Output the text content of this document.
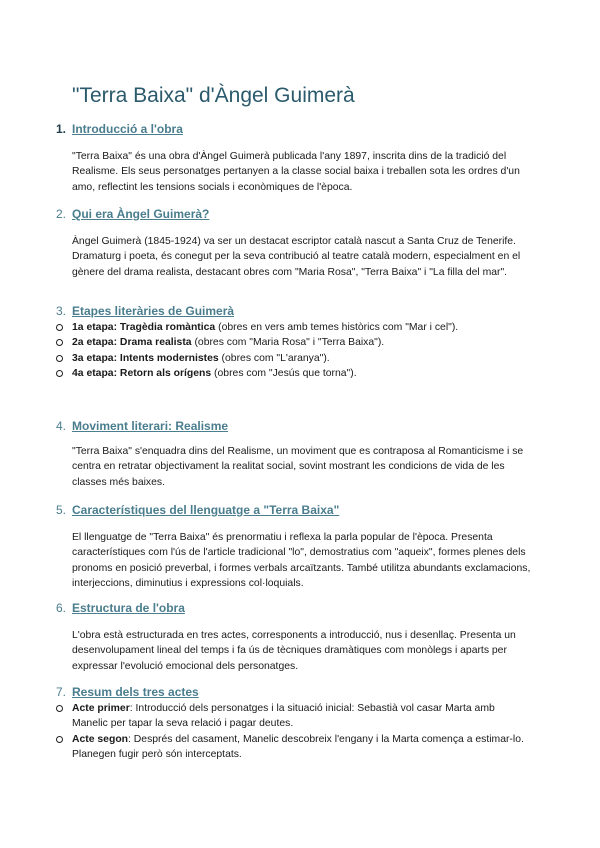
"Terra Baixa" d'Àngel Guimerà
1. Introducció a l'obra

"Terra Baixa" és una obra d'Àngel Guimerà publicada l'any 1897, inscrita dins de la tradició del Realisme. Els seus personatges pertanyen a la classe social baixa i treballen sota les ordres d'un amo, reflectint les tensions socials i econòmiques de l'època.

2. Qui era Àngel Guimerà?

Àngel Guimerà (1845-1924) va ser un destacat escriptor català nascut a Santa Cruz de Tenerife. Dramaturg i poeta, és conegut per la seva contribució al teatre català modern, especialment en el gènere del drama realista, destacant obres com "Maria Rosa", "Terra Baixa" i "La filla del mar".

3. Etapes literàries de Guimerà
1a etapa: Tragèdia romàntica (obres en vers amb temes històrics com "Mar i cel").
2a etapa: Drama realista (obres com "Maria Rosa" i "Terra Baixa").
3a etapa: Intents modernistes (obres com "L'aranya").
4a etapa: Retorn als orígens (obres com "Jesús que torna").
4. Moviment literari: Realisme

"Terra Baixa" s'enquadra dins del Realisme, un moviment que es contraposa al Romanticisme i se centra en retratar objectivament la realitat social, sovint mostrant les condicions de vida de les classes més baixes.

5. Característiques del llenguatge a "Terra Baixa"

El llenguatge de "Terra Baixa" és prenormatiu i reflexa la parla popular de l'època. Presenta característiques com l'ús de l'article tradicional "lo", demostratius com "aqueix", formes plenes dels pronoms en posició preverbal, i formes verbals arcaïtzants. També utilitza abundants exclamacions, interjeccions, diminutius i expressions col·loquials.

6. Estructura de l'obra

L'obra està estructurada en tres actes, corresponents a introducció, nus i desenllaç. Presenta un desenvolupament lineal del temps i fa ús de tècniques dramàtiques com monòlegs i aparts per expressar l'evolució emocional dels personatges.

7. Resum dels tres actes
Acte primer: Introducció dels personatges i la situació inicial: Sebastià vol casar Marta amb Manelic per tapar la seva relació i pagar deutes.
Acte segon: Després del casament, Manelic descobreix l'engany i la Marta comença a estimar-lo. Planegen fugir però són interceptats.
